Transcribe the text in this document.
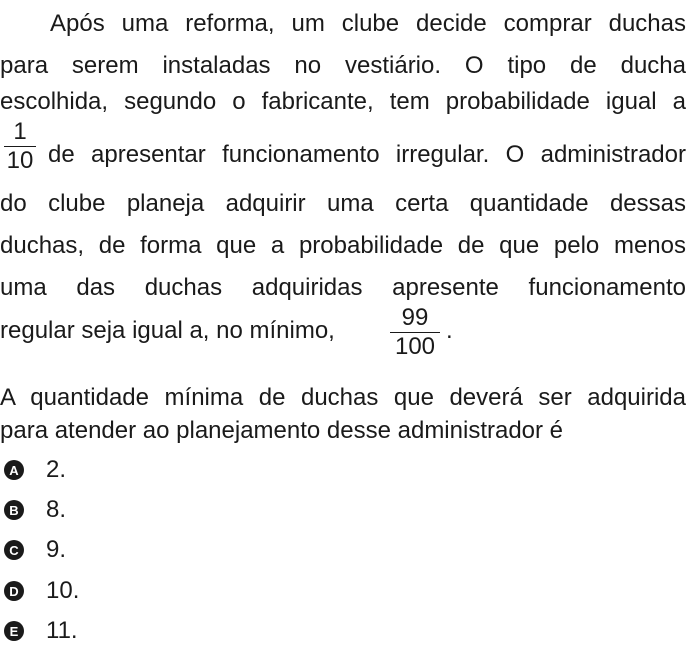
Após uma reforma, um clube decide comprar duchas
para serem instaladas no vestiário. O tipo de ducha
escolhida, segundo o fabricante, tem probabilidade igual a
1
10 de apresentar funcionamento irregular. O administrador
do clube planeja adquirir uma certa quantidade dessas
duchas, de forma que a probabilidade de que pelo menos
uma das duchas adquiridas apresente funcionamento
regular seja igual a, no mínimo,	99
100
.
A quantidade mínima de duchas que deverá ser adquirida
para atender ao planejamento desse administrador é
A 2.
B 8.
C 9.
D 10.
E 11.
